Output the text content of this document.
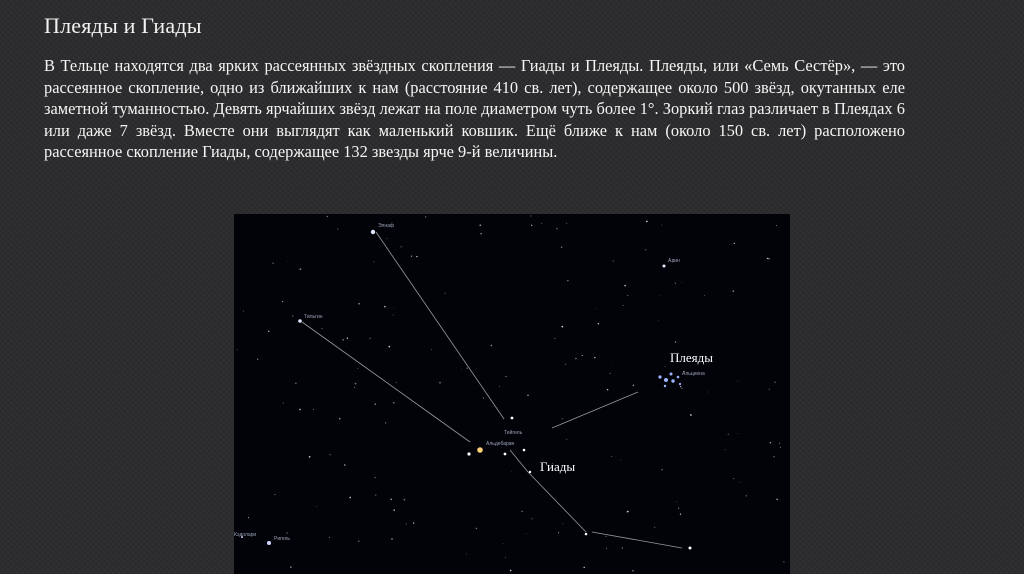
Плеяды и Гиады
В Тельце находятся два ярких рассеянных звёздных скопления — Гиады и Плеяды. Плеяды, или «Семь Сестёр», — это рассеянное скопление, одно из ближайших к нам (расстояние 410 св. лет), содержащее около 500 звёзд, окутанных еле заметной туманностью. Девять ярчайших звёзд лежат на поле диаметром чуть более 1°. Зоркий глаз различает в Плеядах 6 или даже 7 звёзд. Вместе они выглядят как маленький ковшик. Ещё ближе к нам (около 150 св. лет) расположено рассеянное скопление Гиады, содержащее 132 звезды ярче 9-й величины.
Плеяды
Гиады
Элнаф
Тильгин
Алин
Альциона
Тейгель
Альдебаран
Ригель
Кэдолари
